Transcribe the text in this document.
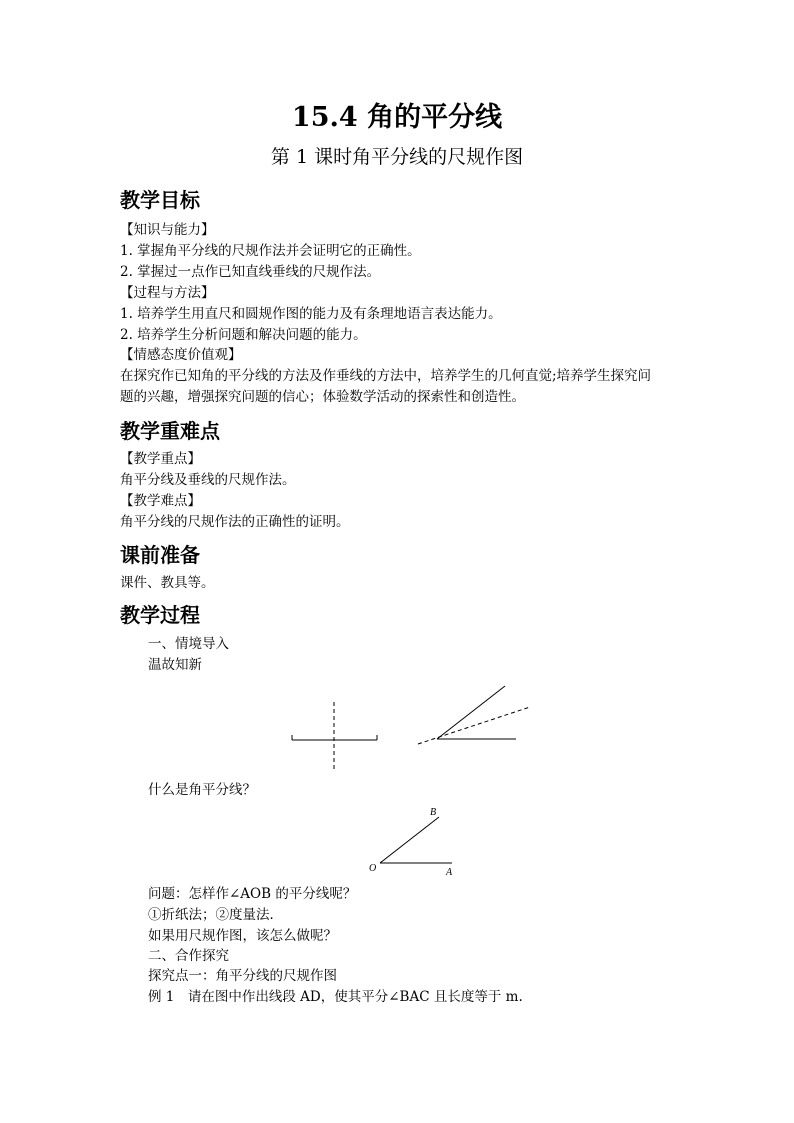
15.4 角的平分线
第 1 课时角平分线的尺规作图
教学目标
【知识与能力】
1. 掌握角平分线的尺规作法并会证明它的正确性。
2. 掌握过一点作已知直线垂线的尺规作法。
【过程与方法】
1. 培养学生用直尺和圆规作图的能力及有条理地语言表达能力。
2. 培养学生分析问题和解决问题的能力。
【情感态度价值观】
在探究作已知角的平分线的方法及作垂线的方法中，培养学生的几何直觉;培养学生探究问
题的兴趣，增强探究问题的信心；体验数学活动的探索性和创造性。
教学重难点
【教学重点】
角平分线及垂线的尺规作法。
【教学难点】
角平分线的尺规作法的正确性的证明。
课前准备
课件、教具等。
教学过程
一、情境导入
温故知新
B
O	A
什么是角平分线？
问题：怎样作∠AOB 的平分线呢？
①折纸法；②度量法．
如果用尺规作图，该怎么做呢？
二、合作探究
探究点一：角平分线的尺规作图
例 1　请在图中作出线段 AD，使其平分∠BAC 且长度等于 m.
